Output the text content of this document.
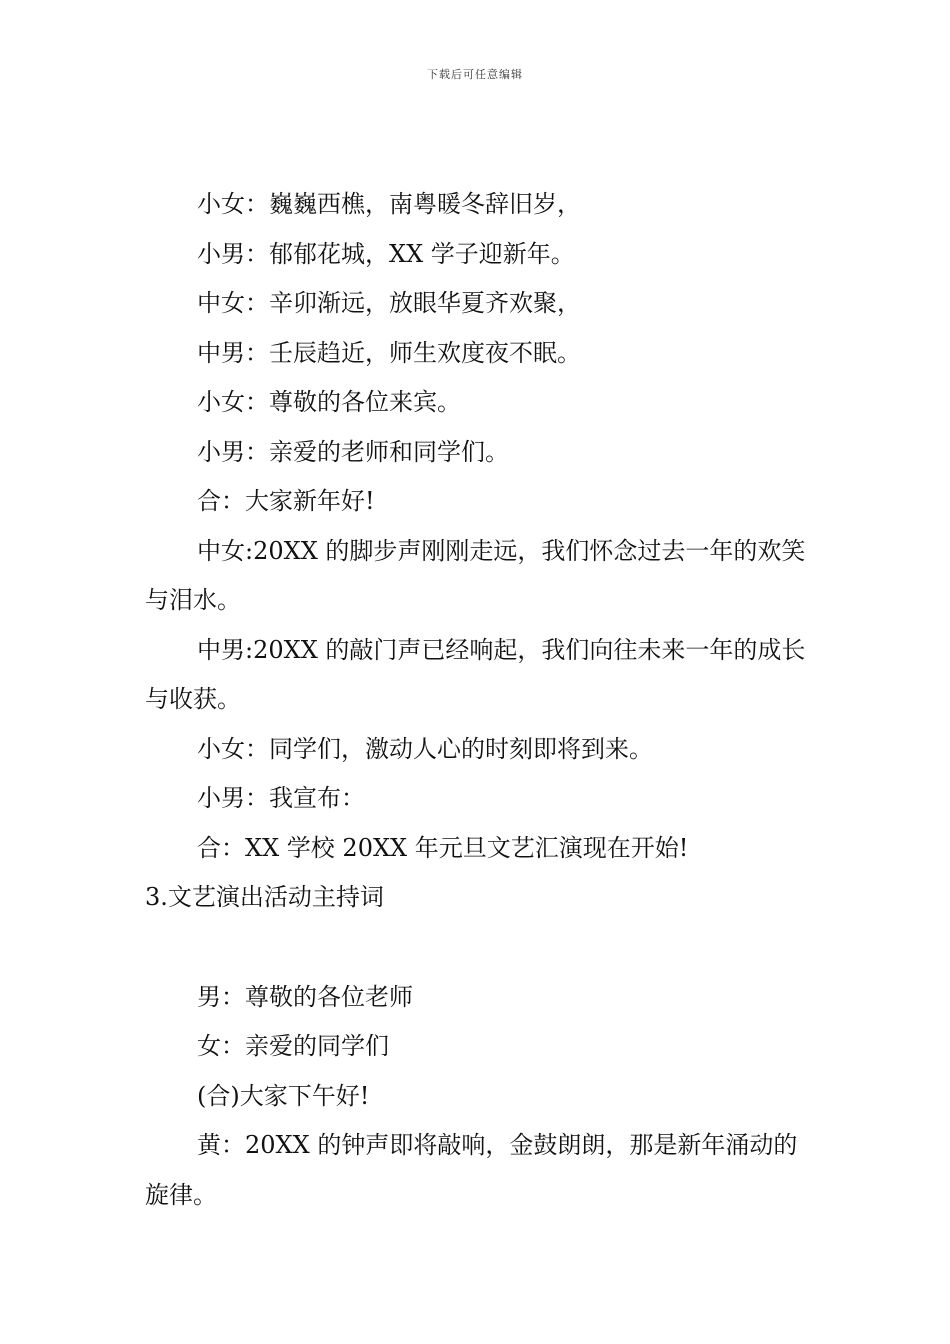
下载后可任意编辑

小女：巍巍西樵，南粤暖冬辞旧岁，

小男：郁郁花城，XX 学子迎新年。

中女：辛卯渐远，放眼华夏齐欢聚，

中男：壬辰趋近，师生欢度夜不眠。

小女：尊敬的各位来宾。

小男：亲爱的老师和同学们。

合：大家新年好!

中女:20XX 的脚步声刚刚走远，我们怀念过去一年的欢笑与泪水。

中男:20XX 的敲门声已经响起，我们向往未来一年的成长与收获。

小女：同学们，激动人心的时刻即将到来。

小男：我宣布：

合：XX 学校 20XX 年元旦文艺汇演现在开始!

3.文艺演出活动主持词

男：尊敬的各位老师

女：亲爱的同学们

(合)大家下午好!

黄：20XX 的钟声即将敲响，金鼓朗朗，那是新年涌动的旋律。
